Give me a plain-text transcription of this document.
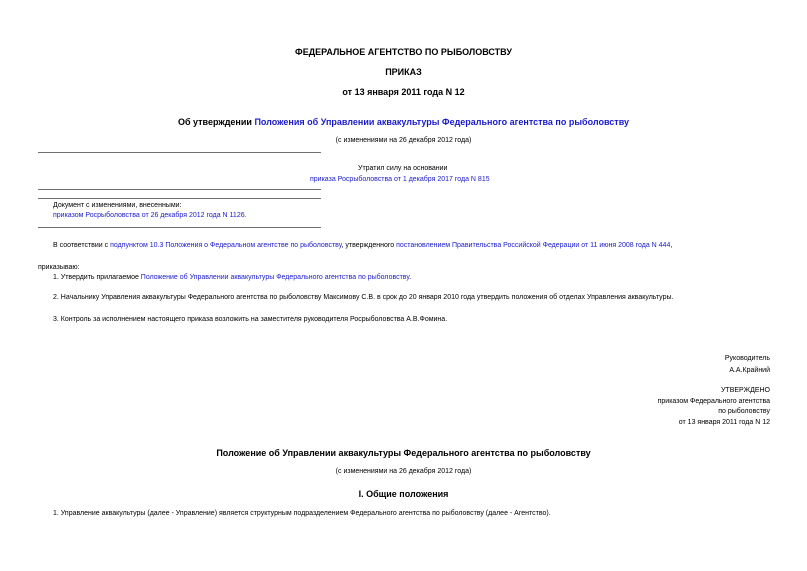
ФЕДЕРАЛЬНОЕ АГЕНТСТВО ПО РЫБОЛОВСТВУ
ПРИКАЗ
от 13 января 2011 года N 12
Об утверждении Положения об Управлении аквакультуры Федерального агентства по рыболовству
(с изменениями на 26 декабря 2012 года)
Утратил силу на основании
приказа Росрыболовства от 1 декабря 2017 года N 815
Документ с изменениями, внесенными:
приказом Росрыболовства от 26 декабря 2012 года N 1126.
В соответствии с подпунктом 10.3 Положения о Федеральном агентстве по рыболовству, утвержденного постановлением Правительства Российской Федерации от 11 июня 2008 года N 444,
приказываю:
1. Утвердить прилагаемое Положение об Управлении аквакультуры Федерального агентства по рыболовству.
2. Начальнику Управления аквакультуры Федерального агентства по рыболовству Максимову С.В. в срок до 20 января 2010 года утвердить положения об отделах Управления аквакультуры.
3. Контроль за исполнением настоящего приказа возложить на заместителя руководителя Росрыболовства А.В.Фомина.
Руководитель
А.А.Крайний
УТВЕРЖДЕНО
приказом Федерального агентства
по рыболовству
от 13 января 2011 года N 12
Положение об Управлении аквакультуры Федерального агентства по рыболовству
(с изменениями на 26 декабря 2012 года)
I. Общие положения
1. Управление аквакультуры (далее - Управление) является структурным подразделением Федерального агентства по рыболовству (далее - Агентство).
